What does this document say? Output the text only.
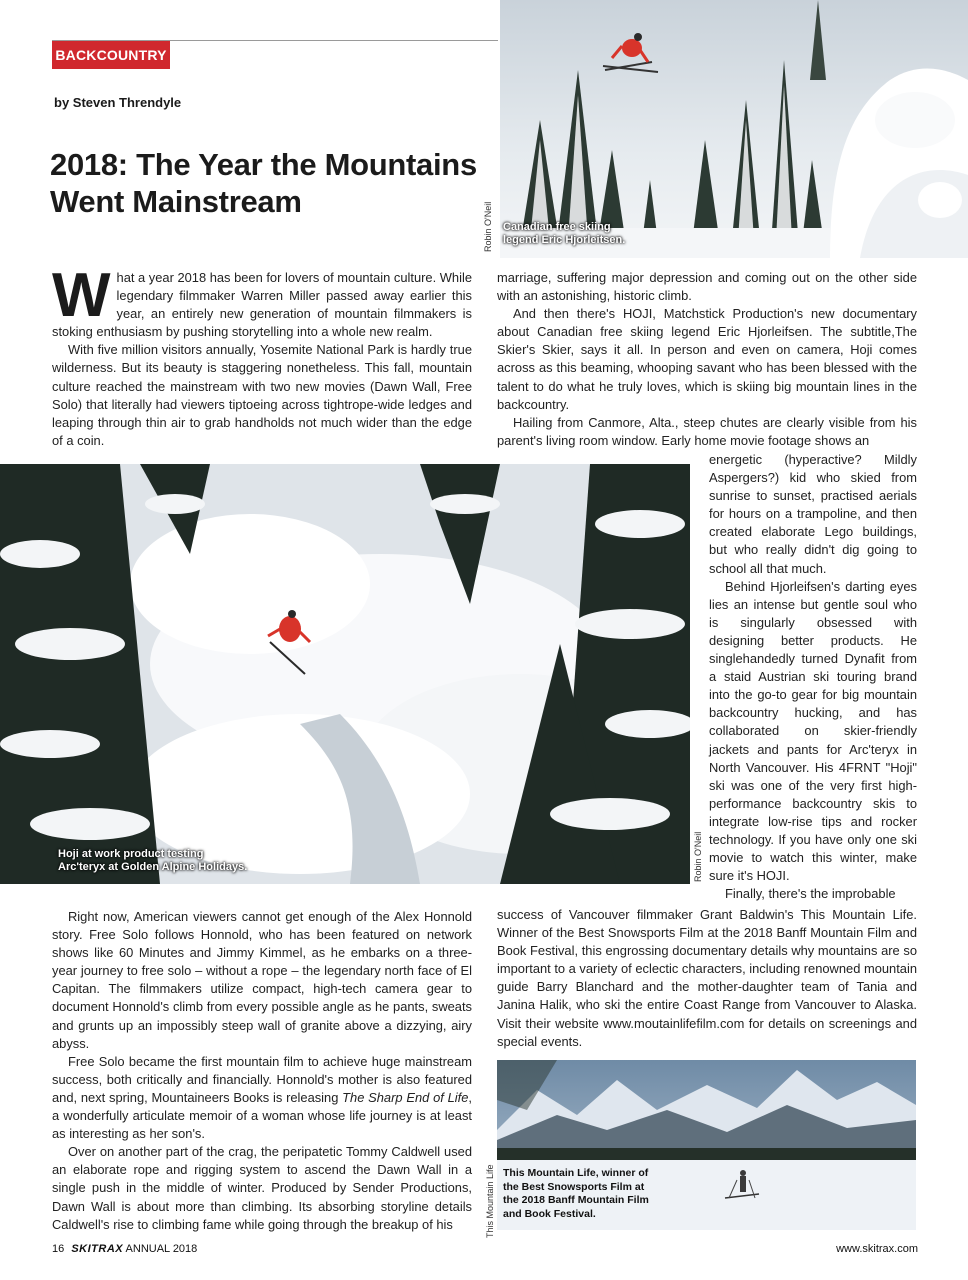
BACKCOUNTRY
by Steven Threndyle
2018: The Year the Mountains Went Mainstream
Canadian free skiing
legend Eric Hjorleitsen.
Robin O'Neil

What a year 2018 has been for lovers of mountain culture. While legendary filmmaker Warren Miller passed away earlier this year, an entirely new generation of mountain filmmakers is stoking enthusiasm by pushing storytelling into a whole new realm.

With five million visitors annually, Yosemite National Park is hardly true wilderness. But its beauty is staggering nonetheless. This fall, mountain culture reached the mainstream with two new movies (Dawn Wall, Free Solo) that literally had viewers tiptoeing across tightrope-wide ledges and leaping through thin air to grab handholds not much wider than the edge of a coin.

marriage, suffering major depression and coming out on the other side with an astonishing, historic climb.

And then there's HOJI, Matchstick Production's new documentary about Canadian free skiing legend Eric Hjorleifsen. The subtitle,The Skier's Skier, says it all. In person and even on camera, Hoji comes across as this beaming, whooping savant who has been blessed with the talent to do what he truly loves, which is skiing big mountain lines in the backcountry.

Hailing from Canmore, Alta., steep chutes are clearly visible from his parent's living room window. Early home movie footage shows an

Hoji at work product testing
Arc'teryx at Golden Alpine Holidays.	Robin O'Neil

energetic (hyperactive? Mildly Aspergers?) kid who skied from sunrise to sunset, practised aerials for hours on a trampoline, and then created elaborate Lego buildings, but who really didn't dig going to school all that much.

Behind Hjorleifsen's darting eyes lies an intense but gentle soul who is singularly obsessed with designing better products. He singlehandedly turned Dynafit from a staid Austrian ski touring brand into the go-to gear for big mountain backcountry hucking, and has collaborated on skier-friendly jackets and pants for Arc'teryx in North Vancouver. His 4FRNT "Hoji" ski was one of the very first high-performance backcountry skis to integrate low-rise tips and rocker technology. If you have only one ski movie to watch this winter, make sure it's HOJI.

Finally, there's the improbable

Right now, American viewers cannot get enough of the Alex Honnold story. Free Solo follows Honnold, who has been featured on network shows like 60 Minutes and Jimmy Kimmel, as he embarks on a three-year journey to free solo – without a rope – the legendary north face of El Capitan. The filmmakers utilize compact, high-tech camera gear to document Honnold's climb from every possible angle as he pants, sweats and grunts up an impossibly steep wall of granite above a dizzying, airy abyss.

Free Solo became the first mountain film to achieve huge mainstream success, both critically and financially. Honnold's mother is also featured and, next spring, Mountaineers Books is releasing The Sharp End of Life, a wonderfully articulate memoir of a woman whose life journey is at least as interesting as her son's.

Over on another part of the crag, the peripatetic Tommy Caldwell used an elaborate rope and rigging system to ascend the Dawn Wall in a single push in the middle of winter. Produced by Sender Productions, Dawn Wall is about more than climbing. Its absorbing storyline details Caldwell's rise to climbing fame while going through the breakup of his

success of Vancouver filmmaker Grant Baldwin's This Mountain Life. Winner of the Best Snowsports Film at the 2018 Banff Mountain Film and Book Festival, this engrossing documentary details why mountains are so important to a variety of eclectic characters, including renowned mountain guide Barry Blanchard and the mother-daughter team of Tania and Janina Halik, who ski the entire Coast Range from Vancouver to Alaska. Visit their website www.moutainlifefilm.com for details on screenings and special events.

This Mountain Life, winner of
the Best Snowsports Film at
the 2018 Banff Mountain Film
and Book Festival.
This Mountain Life
16 SKITRAX ANNUAL 2018	www.skitrax.com
